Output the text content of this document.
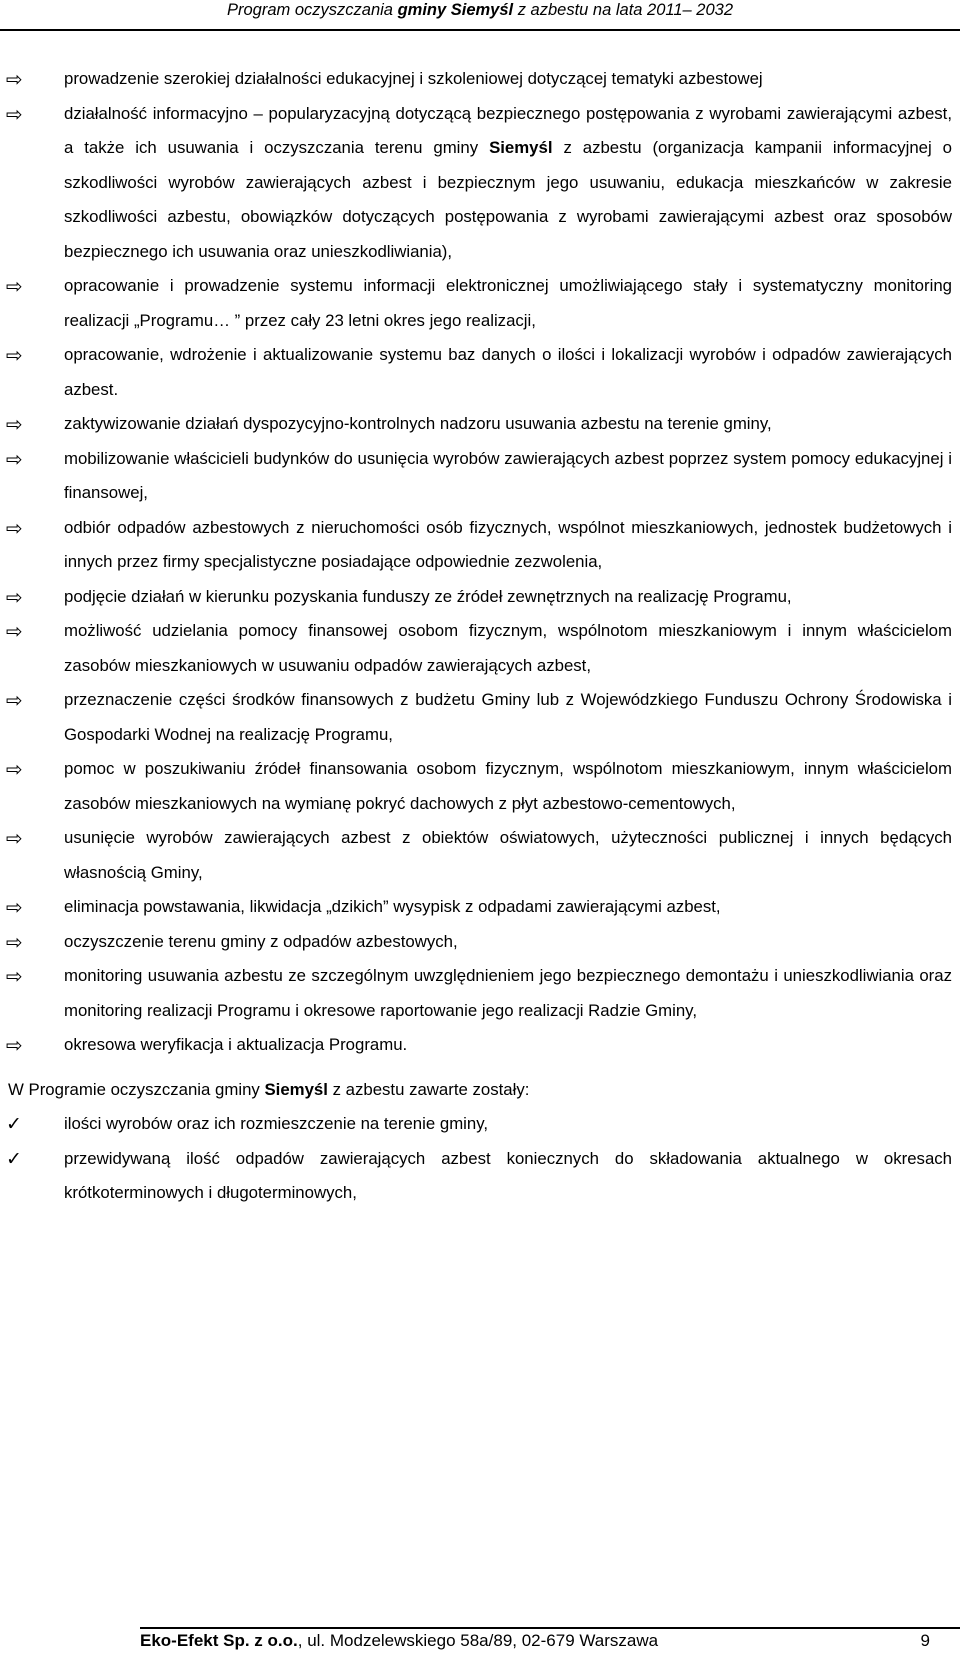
Program oczyszczania gminy Siemyśl z azbestu na lata 2011– 2032
⇨ prowadzenie szerokiej działalności edukacyjnej i szkoleniowej dotyczącej tematyki azbestowej
⇨ działalność informacyjno – popularyzacyjną dotyczącą bezpiecznego postępowania z wyrobami zawierającymi azbest, a także ich usuwania i oczyszczania terenu gminy Siemyśl z azbestu (organizacja kampanii informacyjnej o szkodliwości wyrobów zawierających azbest i bezpiecznym jego usuwaniu, edukacja mieszkańców w zakresie szkodliwości azbestu, obowiązków dotyczących postępowania z wyrobami zawierającymi azbest oraz sposobów bezpiecznego ich usuwania oraz unieszkodliwiania),
⇨ opracowanie i prowadzenie systemu informacji elektronicznej umożliwiającego stały i systematyczny monitoring realizacji „Programu… ” przez cały 23 letni okres jego realizacji,
⇨ opracowanie, wdrożenie i aktualizowanie systemu baz danych o ilości i lokalizacji wyrobów i odpadów zawierających azbest.
⇨ zaktywizowanie działań dyspozycyjno-kontrolnych nadzoru usuwania azbestu na terenie gminy,
⇨ mobilizowanie właścicieli budynków do usunięcia wyrobów zawierających azbest poprzez system pomocy edukacyjnej i finansowej,
⇨ odbiór odpadów azbestowych z nieruchomości osób fizycznych, wspólnot mieszkaniowych, jednostek budżetowych i innych przez firmy specjalistyczne posiadające odpowiednie zezwolenia,
⇨ podjęcie działań w kierunku pozyskania funduszy ze źródeł zewnętrznych na realizację Programu,
⇨ możliwość udzielania pomocy finansowej osobom fizycznym, wspólnotom mieszkaniowym i innym właścicielom zasobów mieszkaniowych w usuwaniu odpadów zawierających azbest,
⇨ przeznaczenie części środków finansowych z budżetu Gminy lub z Wojewódzkiego Funduszu Ochrony Środowiska i Gospodarki Wodnej na realizację Programu,
⇨ pomoc w poszukiwaniu źródeł finansowania osobom fizycznym, wspólnotom mieszkaniowym, innym właścicielom zasobów mieszkaniowych na wymianę pokryć dachowych z płyt azbestowo-cementowych,
⇨ usunięcie wyrobów zawierających azbest z obiektów oświatowych, użyteczności publicznej i innych będących własnością Gminy,
⇨ eliminacja powstawania, likwidacja „dzikich” wysypisk z odpadami zawierającymi azbest,
⇨ oczyszczenie terenu gminy z odpadów azbestowych,
⇨ monitoring usuwania azbestu ze szczególnym uwzględnieniem jego bezpiecznego demontażu i unieszkodliwiania oraz monitoring realizacji Programu i okresowe raportowanie jego realizacji Radzie Gminy,
⇨ okresowa weryfikacja i aktualizacja Programu.
W Programie oczyszczania gminy Siemyśl z azbestu zawarte zostały:
✓	ilości wyrobów oraz ich rozmieszczenie na terenie gminy,
✓	przewidywaną ilość odpadów zawierających azbest koniecznych do składowania aktualnego w okresach krótkoterminowych i długoterminowych,
Eko-Efekt Sp. z o.o., ul. Modzelewskiego 58a/89, 02-679 Warszawa	9
